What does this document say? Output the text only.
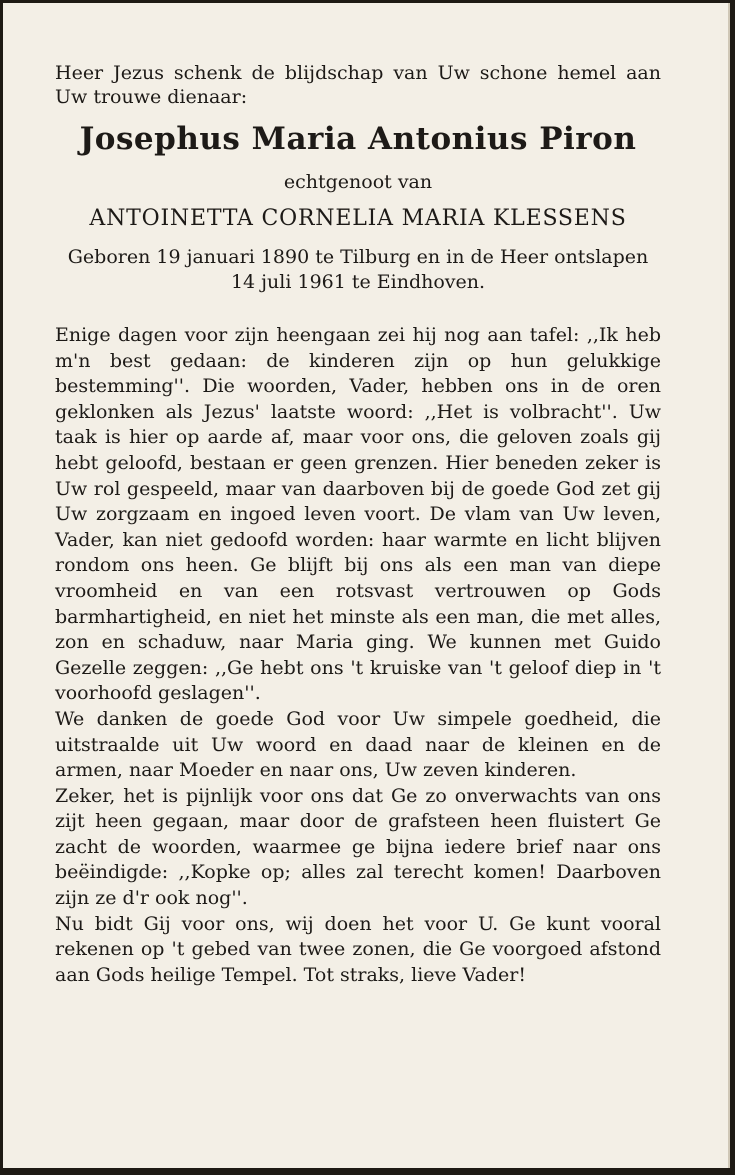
Heer Jezus schenk de blijdschap van Uw schone hemel aan Uw trouwe dienaar:

Josephus Maria Antonius Piron

echtgenoot van

ANTOINETTA CORNELIA MARIA KLESSENS

Geboren 19 januari 1890 te Tilburg en in de Heer ontslapen 14 juli 1961 te Eindhoven.

Enige dagen voor zijn heengaan zei hij nog aan tafel: ,,Ik heb m'n best gedaan: de kinderen zijn op hun gelukkige bestemming''. Die woorden, Vader, hebben ons in de oren geklonken als Jezus' laatste woord: ,,Het is volbracht''. Uw taak is hier op aarde af, maar voor ons, die geloven zoals gij hebt geloofd, bestaan er geen grenzen. Hier beneden zeker is Uw rol gespeeld, maar van daarboven bij de goede God zet gij Uw zorgzaam en ingoed leven voort. De vlam van Uw leven, Vader, kan niet gedoofd worden: haar warmte en licht blijven rondom ons heen. Ge blijft bij ons als een man van diepe vroomheid en van een rotsvast vertrouwen op Gods barmhartigheid, en niet het minste als een man, die met alles, zon en schaduw, naar Maria ging. We kunnen met Guido Gezelle zeggen: ,,Ge hebt ons 't kruiske van 't geloof diep in 't voorhoofd geslagen''.

We danken de goede God voor Uw simpele goedheid, die uitstraalde uit Uw woord en daad naar de kleinen en de armen, naar Moeder en naar ons, Uw zeven kinderen.

Zeker, het is pijnlijk voor ons dat Ge zo onverwachts van ons zijt heen gegaan, maar door de grafsteen heen fluistert Ge zacht de woorden, waarmee ge bijna iedere brief naar ons beëindigde: ,,Kopke op; alles zal terecht komen! Daarboven zijn ze d'r ook nog''.

Nu bidt Gij voor ons, wij doen het voor U. Ge kunt vooral rekenen op 't gebed van twee zonen, die Ge voorgoed afstond aan Gods heilige Tempel. Tot straks, lieve Vader!
